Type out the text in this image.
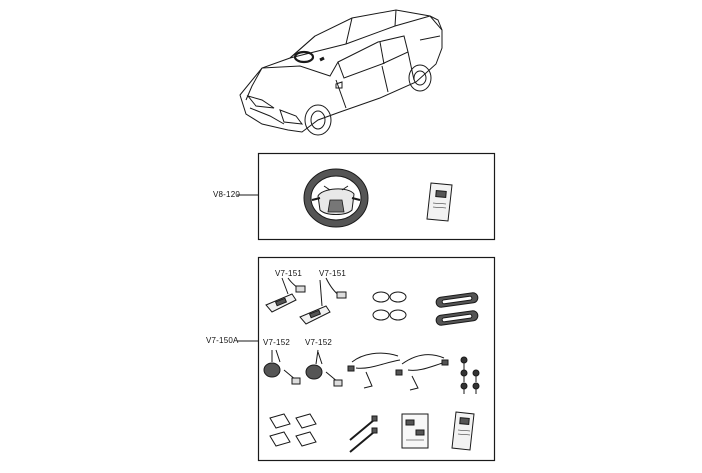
V8-120
V7-150A
V7-151 V7-151
V7-152 V7-152
